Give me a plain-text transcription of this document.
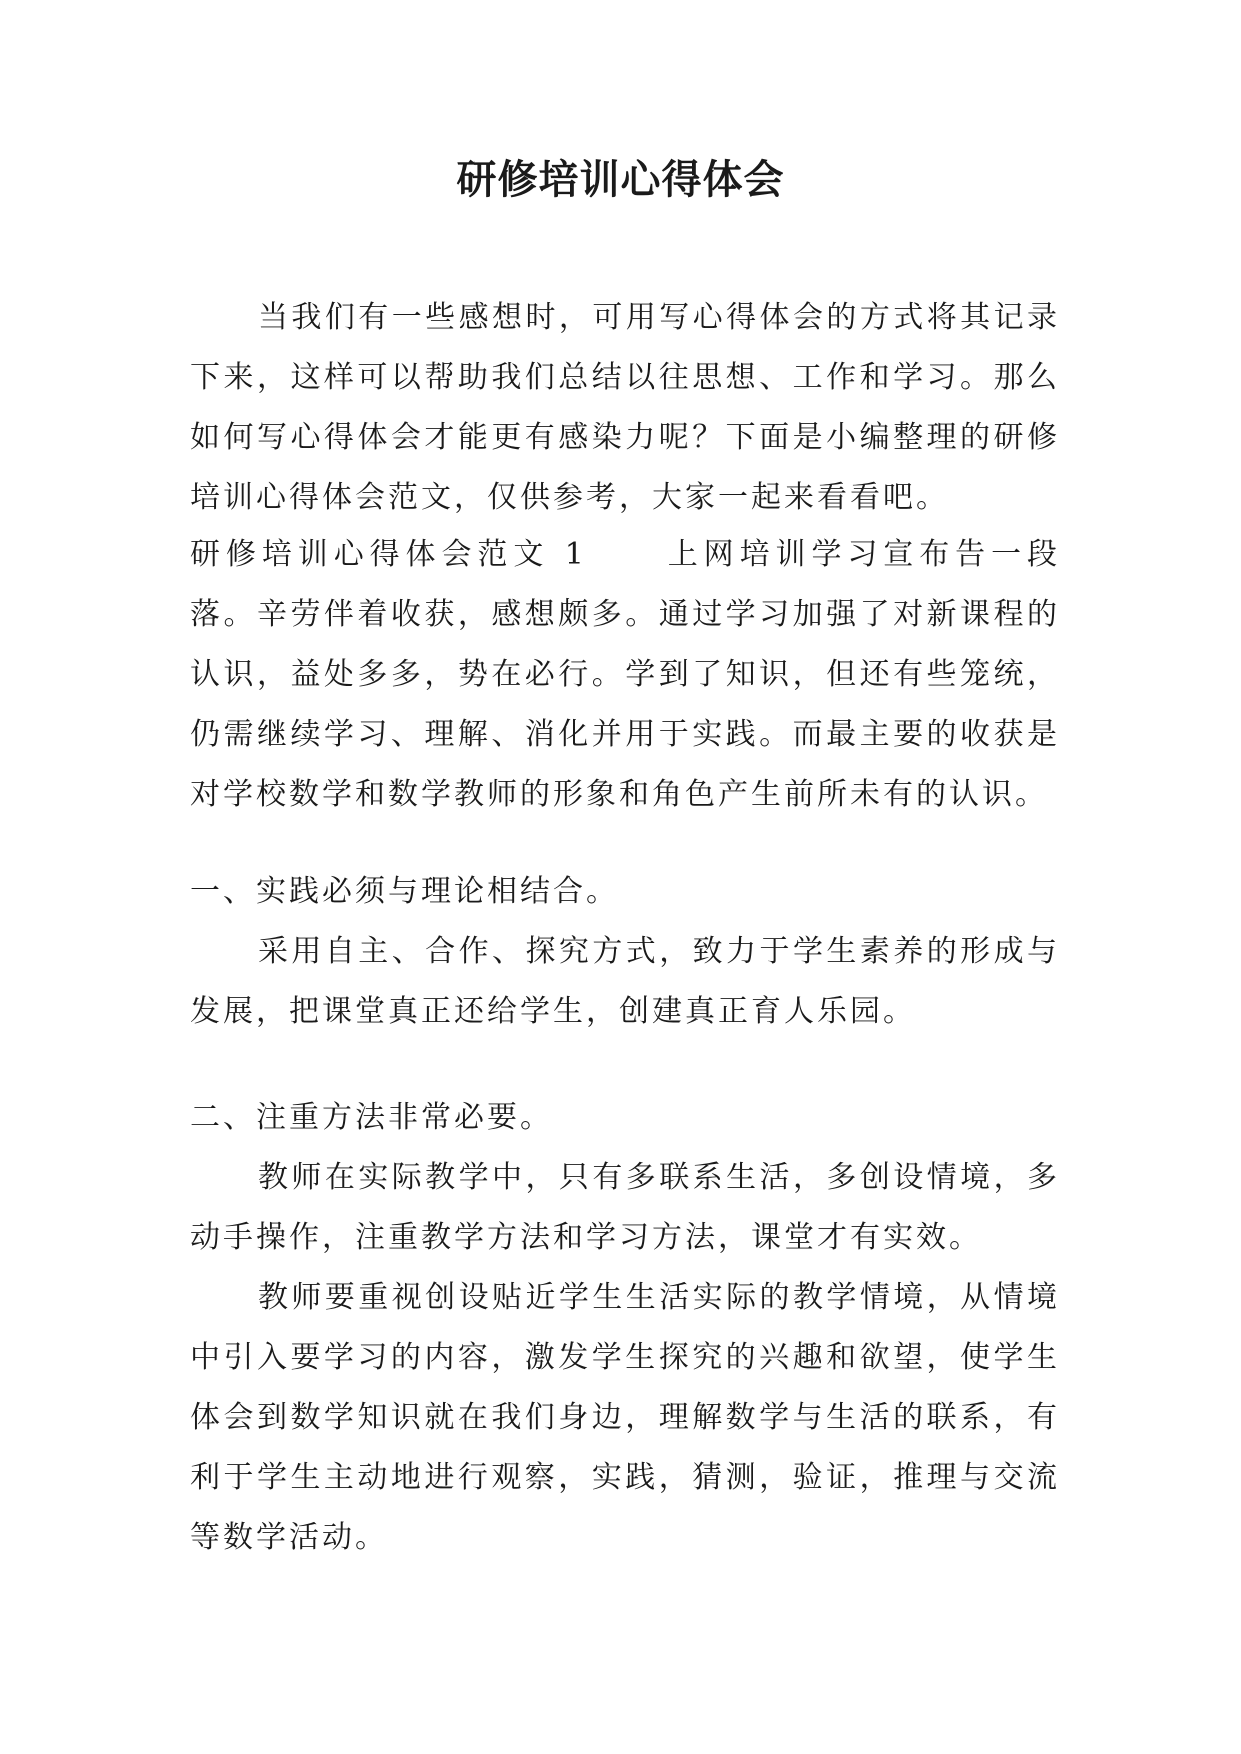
研修培训心得体会

当我们有一些感想时，可用写心得体会的方式将其记录下来，这样可以帮助我们总结以往思想、工作和学习。那么如何写心得体会才能更有感染力呢？下面是小编整理的研修培训心得体会范文，仅供参考，大家一起来看看吧。

研修培训心得体会范文 1	上网培训学习宣布告一段落。辛劳伴着收获，感想颇多。通过学习加强了对新课程的认识，益处多多，势在必行。学到了知识，但还有些笼统，仍需继续学习、理解、消化并用于实践。而最主要的收获是对学校数学和数学教师的形象和角色产生前所未有的认识。

一、实践必须与理论相结合。

采用自主、合作、探究方式，致力于学生素养的形成与发展，把课堂真正还给学生，创建真正育人乐园。

二、注重方法非常必要。

教师在实际教学中，只有多联系生活，多创设情境，多动手操作，注重教学方法和学习方法，课堂才有实效。

教师要重视创设贴近学生生活实际的教学情境，从情境中引入要学习的内容，激发学生探究的兴趣和欲望，使学生体会到数学知识就在我们身边，理解数学与生活的联系，有利于学生主动地进行观察，实践，猜测，验证，推理与交流等数学活动。
